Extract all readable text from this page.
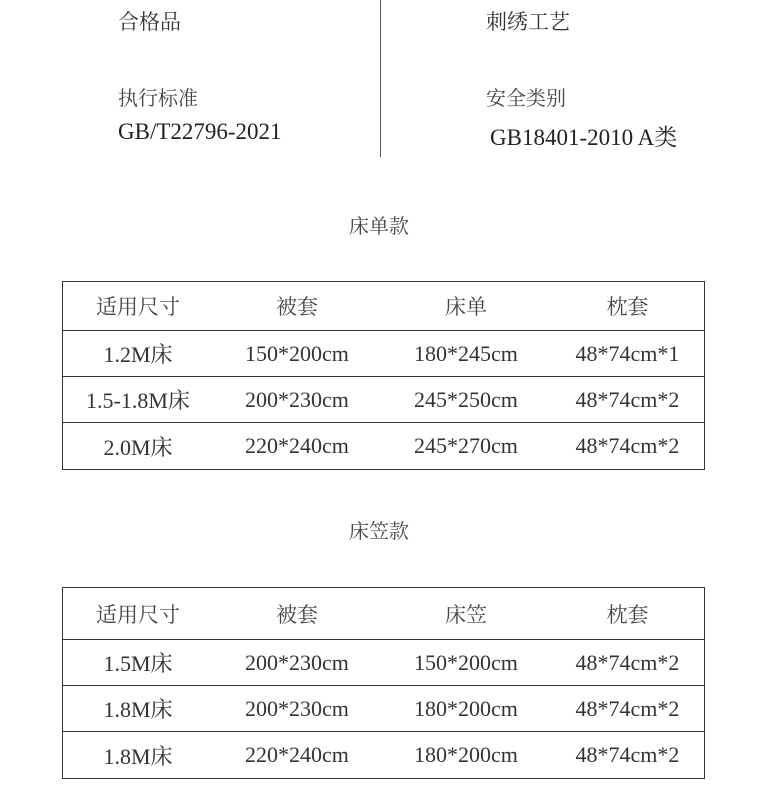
合格品	刺绣工艺
执行标准
GB/T22796-2021
安全类别
GB18401-2010 A类
床单款
适用尺寸	被套	床单	枕套
1.2M床	150*200cm	180*245cm	48*74cm*1
1.5-1.8M床	200*230cm	245*250cm	48*74cm*2
2.0M床	220*240cm	245*270cm	48*74cm*2
床笠款
适用尺寸	被套	床笠	枕套
1.5M床	200*230cm	150*200cm	48*74cm*2
1.8M床	200*230cm	180*200cm	48*74cm*2
1.8M床	220*240cm	180*200cm	48*74cm*2
